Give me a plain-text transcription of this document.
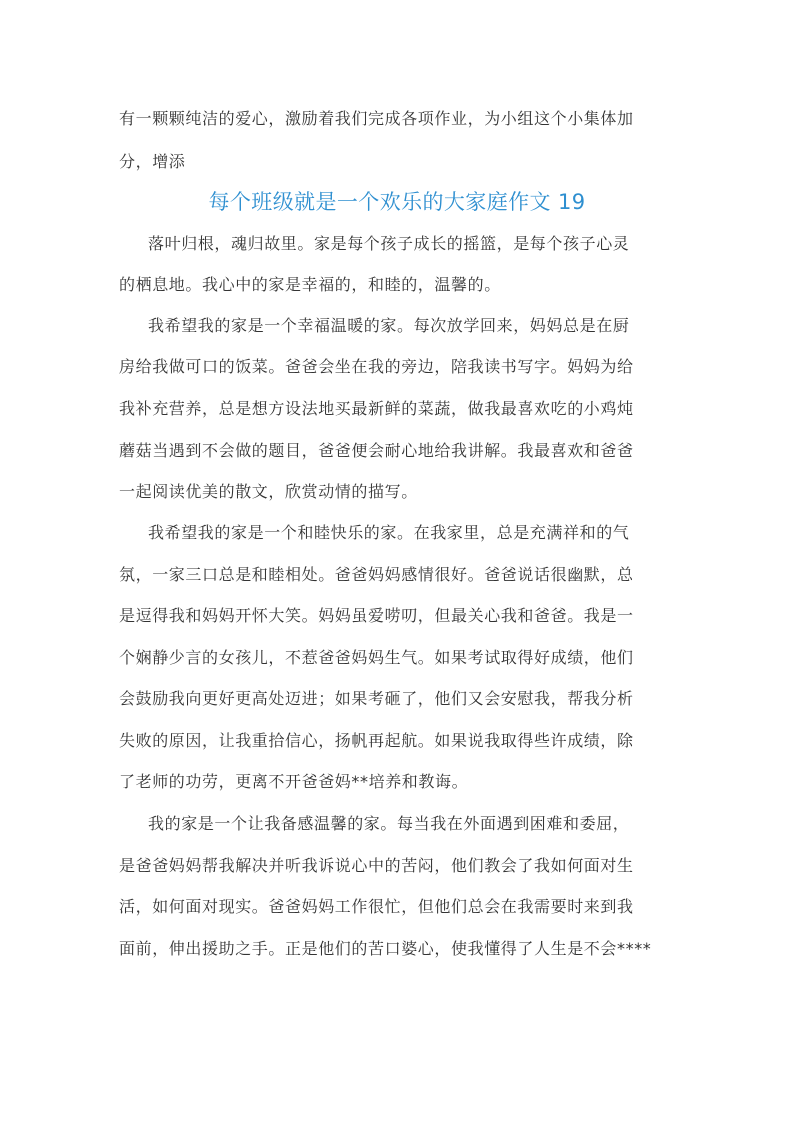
有一颗颗纯洁的爱心，激励着我们完成各项作业，为小组这个小集体加
分，增添
每个班级就是一个欢乐的大家庭作文 19
落叶归根，魂归故里。家是每个孩子成长的摇篮，是每个孩子心灵
的栖息地。我心中的家是幸福的，和睦的，温馨的。
我希望我的家是一个幸福温暖的家。每次放学回来，妈妈总是在厨
房给我做可口的饭菜。爸爸会坐在我的旁边，陪我读书写字。妈妈为给
我补充营养，总是想方设法地买最新鲜的菜蔬，做我最喜欢吃的小鸡炖
蘑菇当遇到不会做的题目，爸爸便会耐心地给我讲解。我最喜欢和爸爸
一起阅读优美的散文，欣赏动情的描写。
我希望我的家是一个和睦快乐的家。在我家里，总是充满祥和的气
氛，一家三口总是和睦相处。爸爸妈妈感情很好。爸爸说话很幽默，总
是逗得我和妈妈开怀大笑。妈妈虽爱唠叨，但最关心我和爸爸。我是一
个娴静少言的女孩儿，不惹爸爸妈妈生气。如果考试取得好成绩，他们
会鼓励我向更好更高处迈进；如果考砸了，他们又会安慰我，帮我分析
失败的原因，让我重拾信心，扬帆再起航。如果说我取得些许成绩，除
了老师的功劳，更离不开爸爸妈**培养和教诲。
我的家是一个让我备感温馨的家。每当我在外面遇到困难和委屈，
是爸爸妈妈帮我解决并听我诉说心中的苦闷，他们教会了我如何面对生
活，如何面对现实。爸爸妈妈工作很忙，但他们总会在我需要时来到我
面前，伸出援助之手。正是他们的苦口婆心，使我懂得了人生是不会****
